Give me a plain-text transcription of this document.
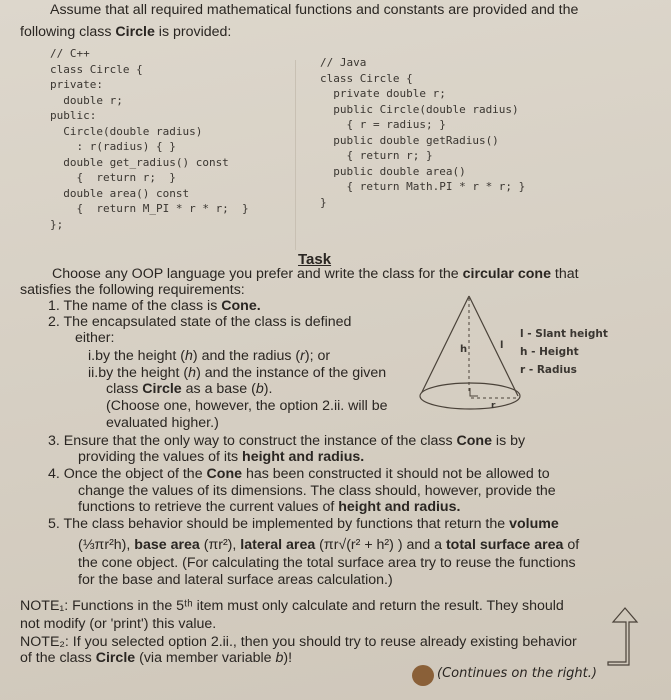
Assume that all required mathematical functions and constants are provided and the
following class Circle is provided:
// C++
class Circle {
private:
double r;
public:
Circle(double radius)
: r(radius) { }
double get_radius() const
{  return r;  }
double area() const
{  return M_PI * r * r;  }
};
// Java
class Circle {
private double r;
public Circle(double radius)
{ r = radius; }
public double getRadius()
{ return r; }
public double area()
{ return Math.PI * r * r; }
}
Task
Choose any OOP language you prefer and write the class for the circular cone that
satisfies the following requirements:
1. The name of the class is Cone.
2. The encapsulated state of the class is defined
either:
i.by the height (h) and the radius (r); or
ii.by the height (h) and the instance of the given
class Circle as a base (b).
(Choose one, however, the option 2.ii. will be
evaluated higher.)
3. Ensure that the only way to construct the instance of the class Cone is by
providing the values of its height and radius.
4. Once the object of the Cone has been constructed it should not be allowed to
change the values of its dimensions. The class should, however, provide the
functions to retrieve the current values of height and radius.
5. The class behavior should be implemented by functions that return the volume
(⅓πr²h), base area (πr²), lateral area (πr√(r² + h²) ) and a total surface area of
the cone object. (For calculating the total surface area try to reuse the functions
for the base and lateral surface areas calculation.)
NOTE₁: Functions in the 5ᵗʰ item must only calculate and return the result. They should
not modify (or 'print') this value.
NOTE₂: If you selected option 2.ii., then you should try to reuse already existing behavior
of the class Circle (via member variable b)!
h	l
r
l - Slant height
h - Height
r - Radius
(Continues on the right.)
